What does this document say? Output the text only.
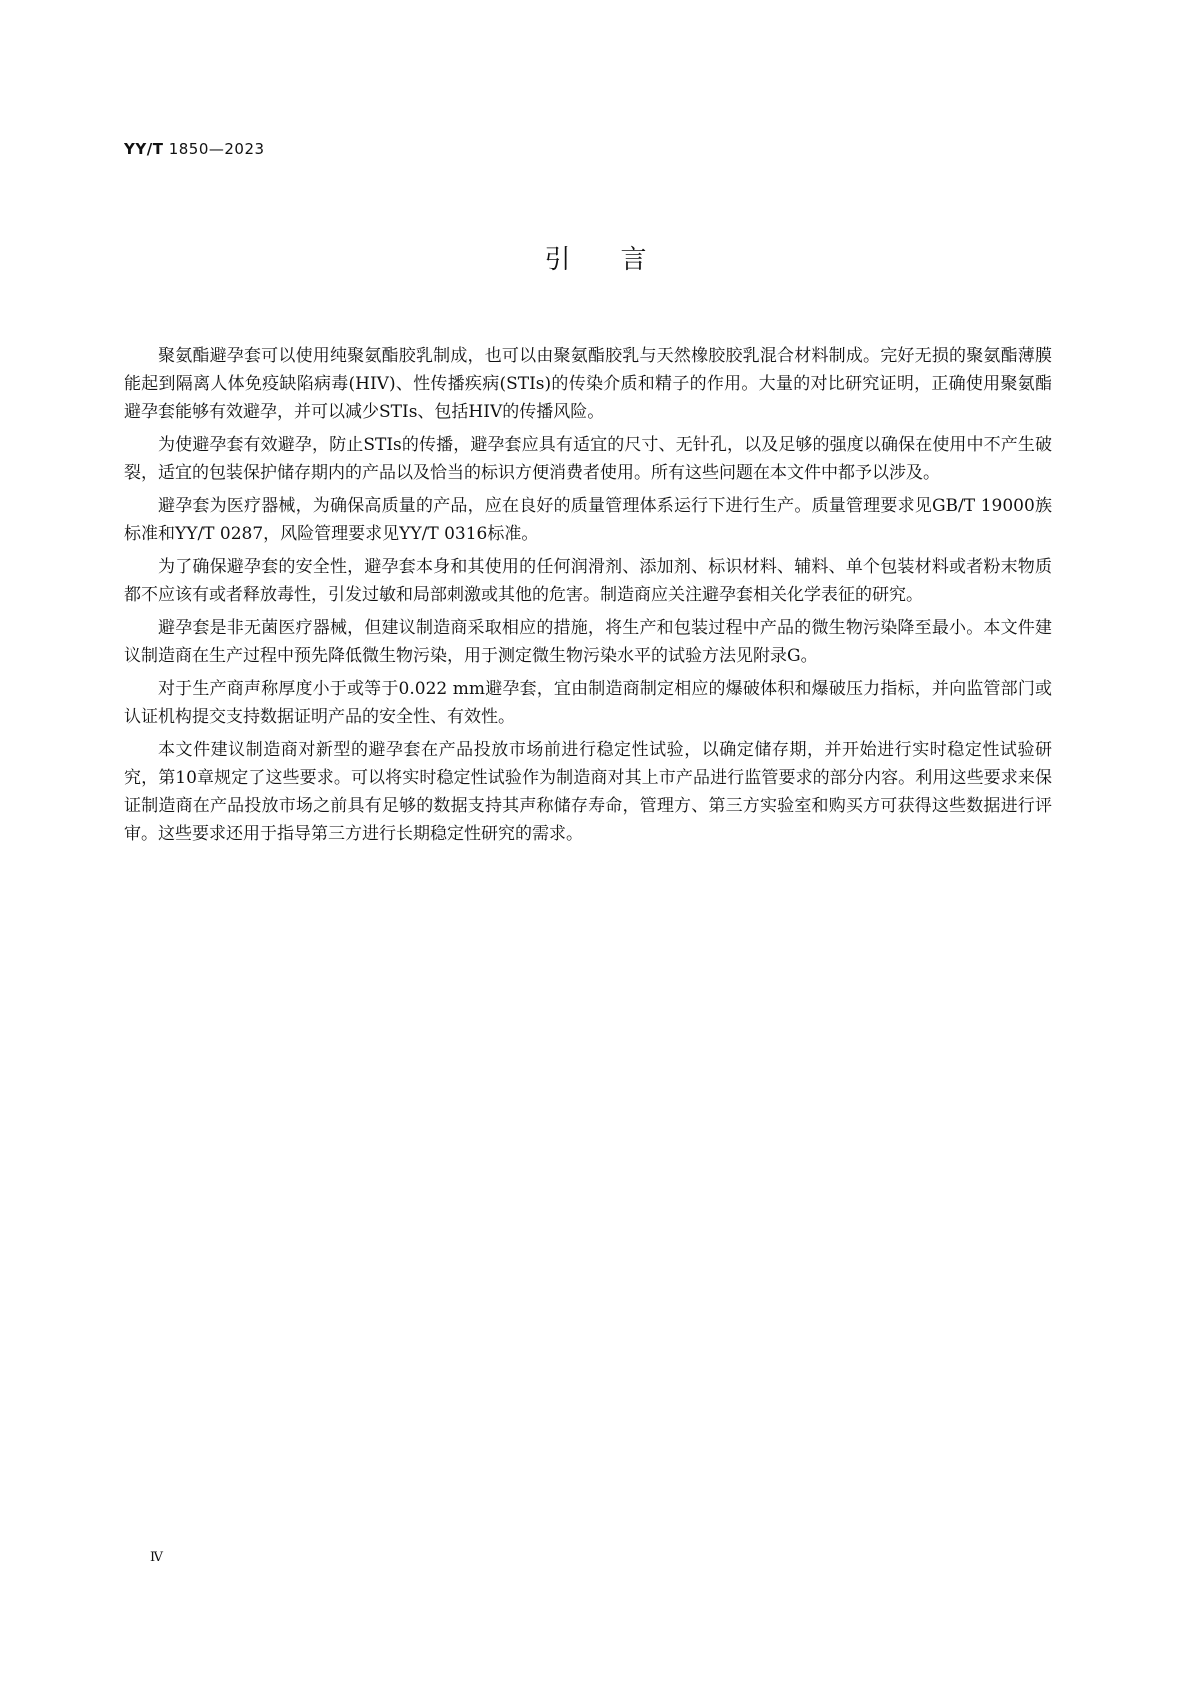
YY/T 1850—2023
引言

聚氨酯避孕套可以使用纯聚氨酯胶乳制成，也可以由聚氨酯胶乳与天然橡胶胶乳混合材料制成。完好无损的聚氨酯薄膜能起到隔离人体免疫缺陷病毒(HIV)、性传播疾病(STIs)的传染介质和精子的作用。大量的对比研究证明，正确使用聚氨酯避孕套能够有效避孕，并可以减少STIs、包括HIV的传播风险。

为使避孕套有效避孕，防止STIs的传播，避孕套应具有适宜的尺寸、无针孔，以及足够的强度以确保在使用中不产生破裂，适宜的包装保护储存期内的产品以及恰当的标识方便消费者使用。所有这些问题在本文件中都予以涉及。

避孕套为医疗器械，为确保高质量的产品，应在良好的质量管理体系运行下进行生产。质量管理要求见GB/T 19000族标准和YY/T 0287，风险管理要求见YY/T 0316标准。

为了确保避孕套的安全性，避孕套本身和其使用的任何润滑剂、添加剂、标识材料、辅料、单个包装材料或者粉末物质都不应该有或者释放毒性，引发过敏和局部刺激或其他的危害。制造商应关注避孕套相关化学表征的研究。

避孕套是非无菌医疗器械，但建议制造商采取相应的措施，将生产和包装过程中产品的微生物污染降至最小。本文件建议制造商在生产过程中预先降低微生物污染，用于测定微生物污染水平的试验方法见附录G。

对于生产商声称厚度小于或等于0.022 mm避孕套，宜由制造商制定相应的爆破体积和爆破压力指标，并向监管部门或认证机构提交支持数据证明产品的安全性、有效性。

本文件建议制造商对新型的避孕套在产品投放市场前进行稳定性试验，以确定储存期，并开始进行实时稳定性试验研究，第10章规定了这些要求。可以将实时稳定性试验作为制造商对其上市产品进行监管要求的部分内容。利用这些要求来保证制造商在产品投放市场之前具有足够的数据支持其声称储存寿命，管理方、第三方实验室和购买方可获得这些数据进行评审。这些要求还用于指导第三方进行长期稳定性研究的需求。

Ⅳ
